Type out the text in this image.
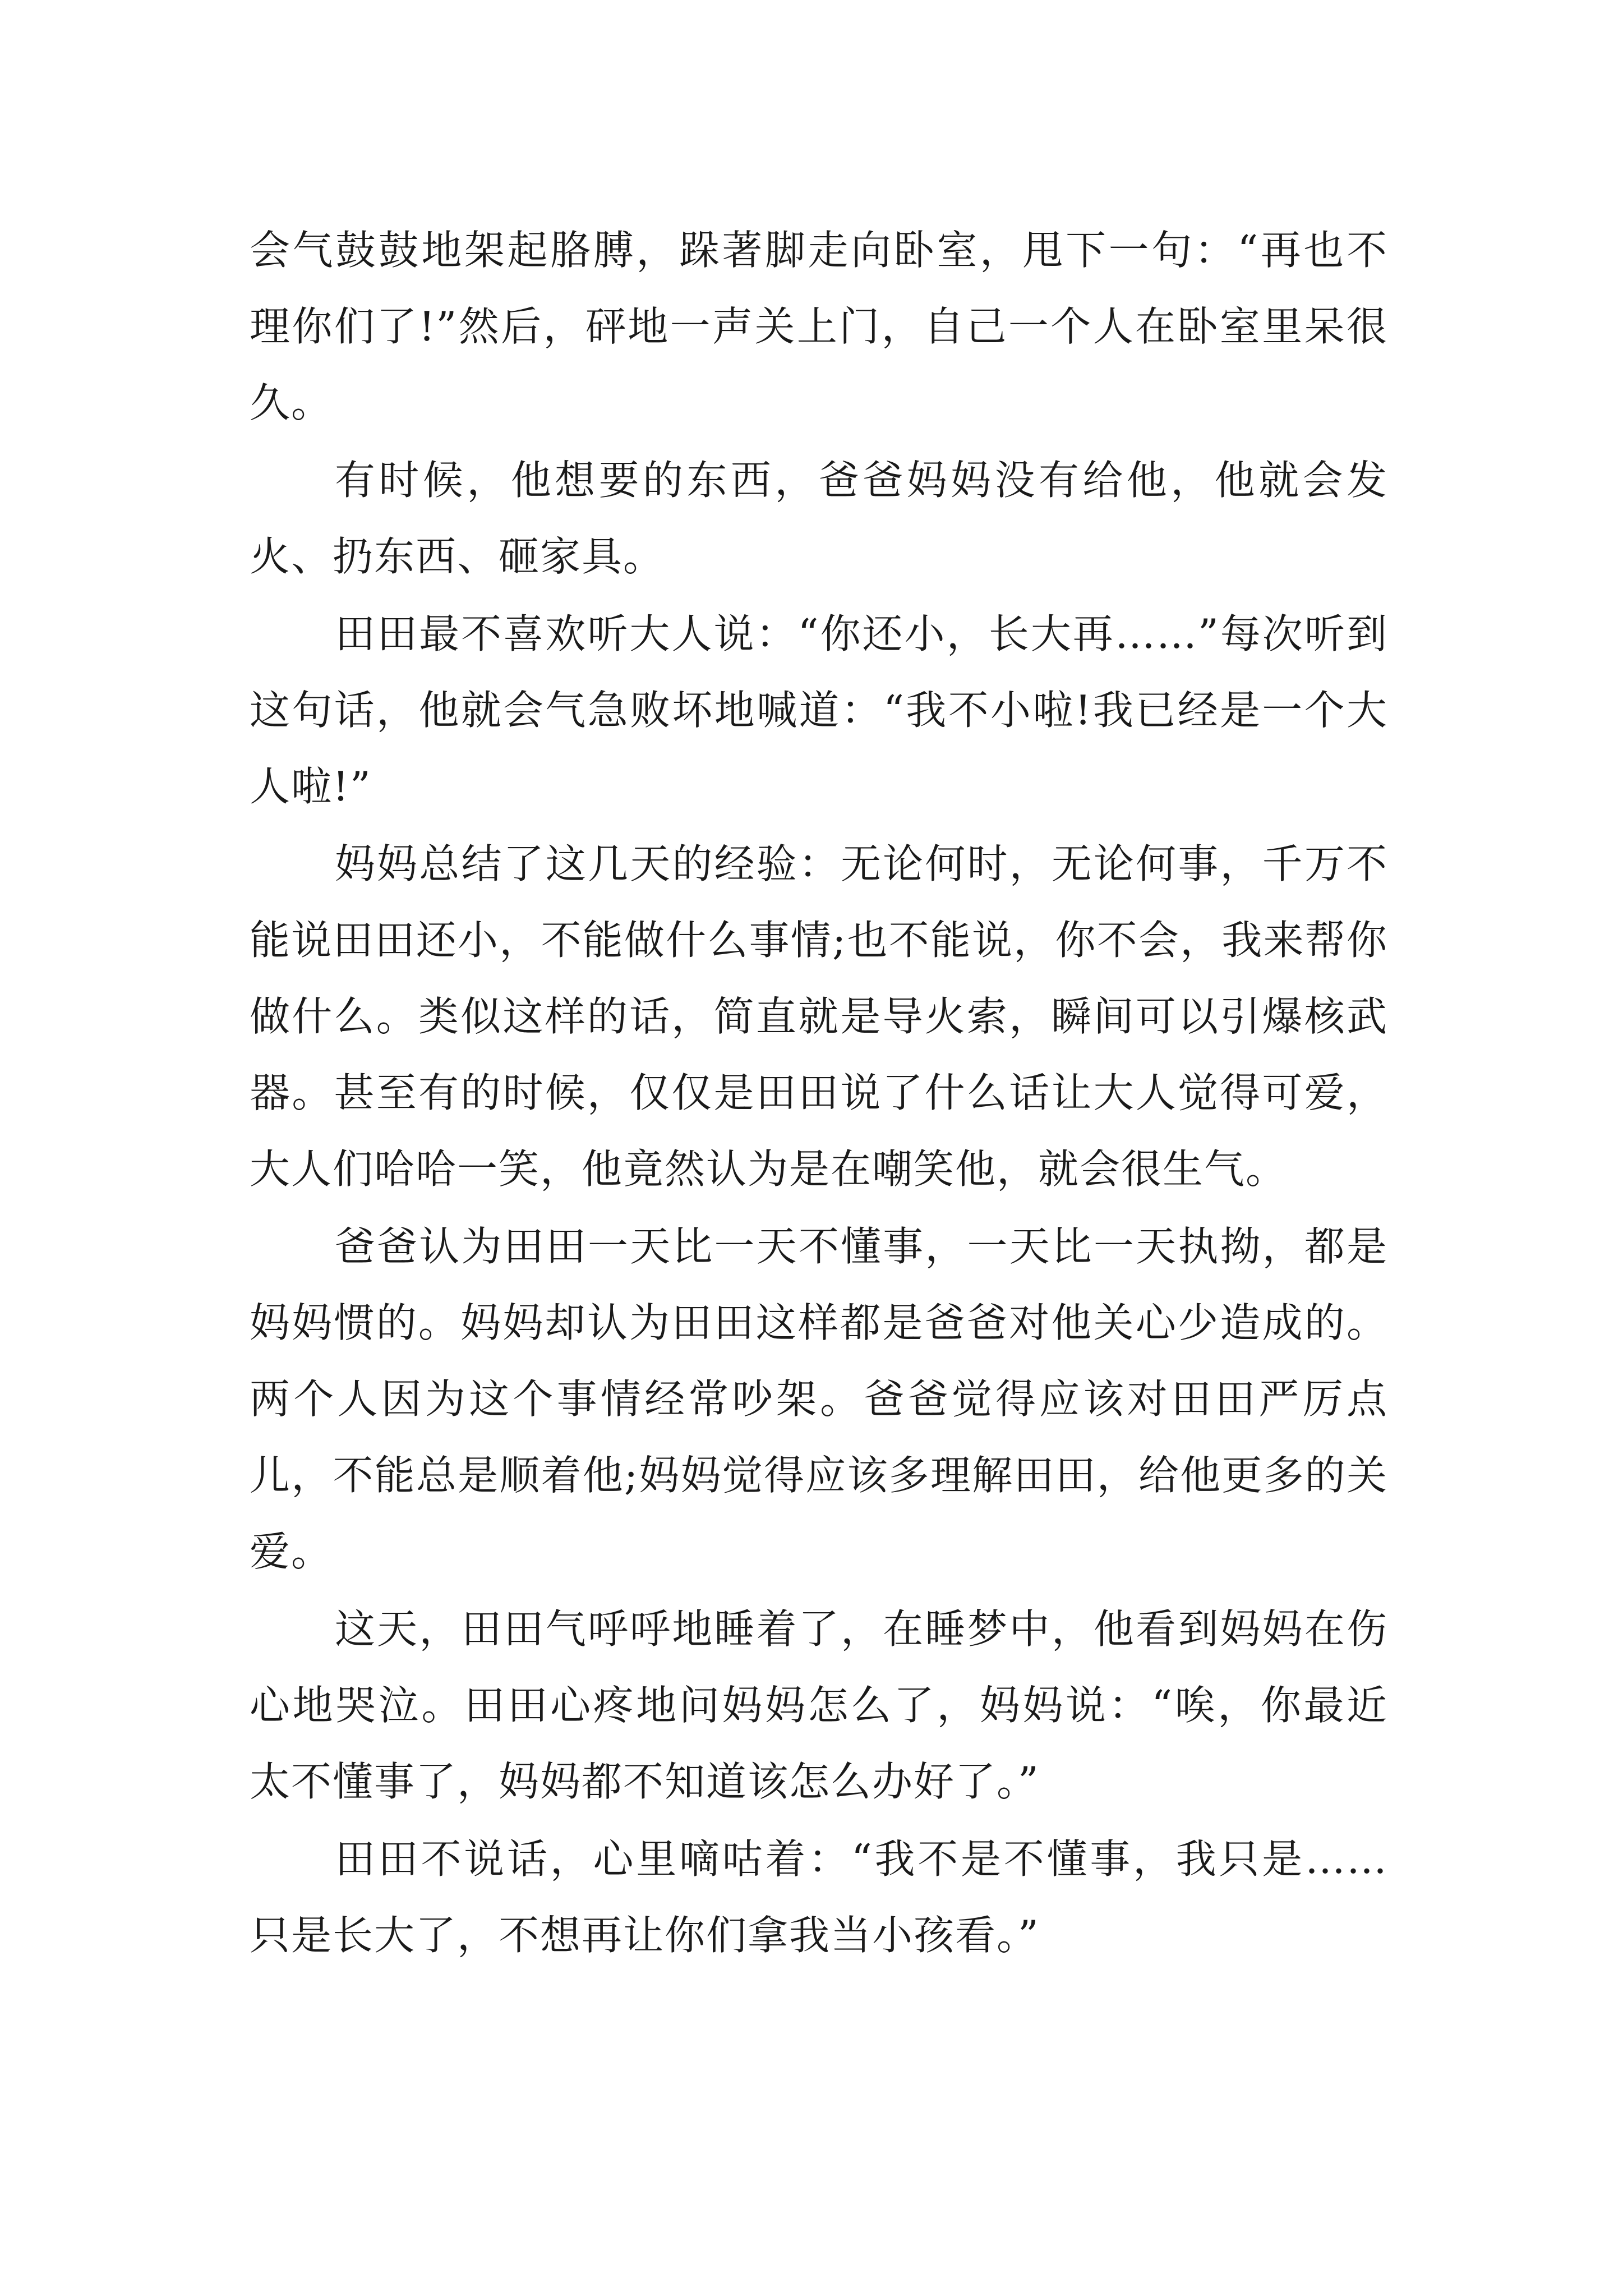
会气鼓鼓地架起胳膊，跺著脚走向卧室，甩下一句：“再也不理你们了!”然后，砰地一声关上门，自己一个人在卧室里呆很久。

有时候，他想要的东西，爸爸妈妈没有给他，他就会发火、扔东西、砸家具。

田田最不喜欢听大人说：“你还小，长大再……”每次听到这句话，他就会气急败坏地喊道：“我不小啦!我已经是一个大人啦!”

妈妈总结了这几天的经验：无论何时，无论何事，千万不能说田田还小，不能做什么事情;也不能说，你不会，我来帮你做什么。类似这样的话，简直就是导火索，瞬间可以引爆核武器。甚至有的时候，仅仅是田田说了什么话让大人觉得可爱，大人们哈哈一笑，他竟然认为是在嘲笑他，就会很生气。

爸爸认为田田一天比一天不懂事，一天比一天执拗，都是妈妈惯的。妈妈却认为田田这样都是爸爸对他关心少造成的。两个人因为这个事情经常吵架。爸爸觉得应该对田田严厉点儿，不能总是顺着他;妈妈觉得应该多理解田田，给他更多的关爱。

这天，田田气呼呼地睡着了，在睡梦中，他看到妈妈在伤心地哭泣。田田心疼地问妈妈怎么了，妈妈说：“唉，你最近太不懂事了，妈妈都不知道该怎么办好了。”

田田不说话，心里嘀咕着：“我不是不懂事，我只是……只是长大了，不想再让你们拿我当小孩看。”
